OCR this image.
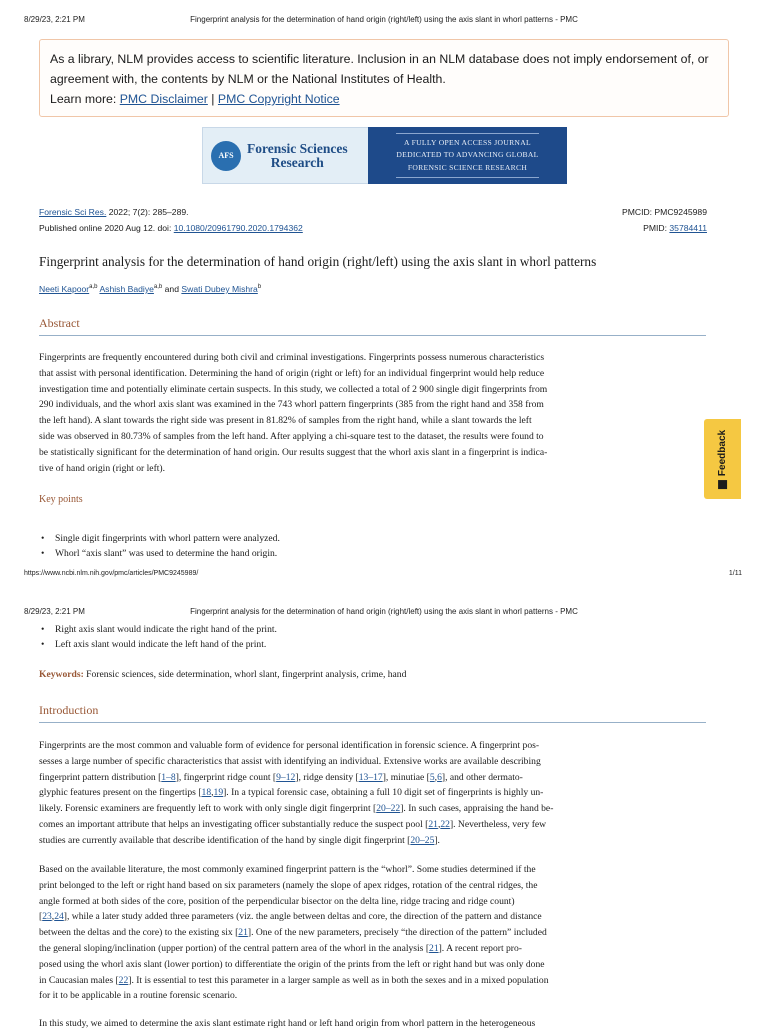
8/29/23, 2:21 PM	Fingerprint analysis for the determination of hand origin (right/left) using the axis slant in whorl patterns - PMC
As a library, NLM provides access to scientific literature. Inclusion in an NLM database does not imply endorsement of, or agreement with, the contents by NLM or the National Institutes of Health.
Learn more: PMC Disclaimer | PMC Copyright Notice
AFS Forensic Sciences
Research
A FULLY OPEN ACCESS JOURNAL
DEDICATED TO ADVANCING GLOBAL
FORENSIC SCIENCE RESEARCH
Forensic Sci Res. 2022; 7(2): 285–289.
Published online 2020 Aug 12. doi: 10.1080/20961790.2020.1794362
PMCID: PMC9245989
PMID: 35784411
Fingerprint analysis for the determination of hand origin (right/left) using the axis slant in whorl patterns
Neeti Kapoor$^{a,b}$ Ashish Badiye$^{a,b}$ and Swati Dubey Mishra$^b$
Abstract
Fingerprints are frequently encountered during both civil and criminal investigations. Fingerprints possess numerous characteristics
that assist with personal identification. Determining the hand of origin (right or left) for an individual fingerprint would help reduce
investigation time and potentially eliminate certain suspects. In this study, we collected a total of 2 900 single digit fingerprints from
290 individuals, and the whorl axis slant was examined in the 743 whorl pattern fingerprints (385 from the right hand and 358 from
the left hand). A slant towards the right side was present in 81.82% of samples from the right hand, while a slant towards the left
side was observed in 80.73% of samples from the left hand. After applying a chi-square test to the dataset, the results were found to
be statistically significant for the determination of hand origin. Our results suggest that the whorl axis slant in a fingerprint is indica-
tive of hand origin (right or left).
Key points
• Single digit fingerprints with whorl pattern were analyzed.
• Whorl “axis slant” was used to determine the hand origin.
https://www.ncbi.nlm.nih.gov/pmc/articles/PMC9245989/	1/11
Feedback
8/29/23, 2:21 PM	Fingerprint analysis for the determination of hand origin (right/left) using the axis slant in whorl patterns - PMC
• Right axis slant would indicate the right hand of the print.
• Left axis slant would indicate the left hand of the print.
Keywords: Forensic sciences, side determination, whorl slant, fingerprint analysis, crime, hand
Introduction
Fingerprints are the most common and valuable form of evidence for personal identification in forensic science. A fingerprint pos-
sesses a large number of specific characteristics that assist with identifying an individual. Extensive works are available describing
fingerprint pattern distribution [1–8], fingerprint ridge count [9–12], ridge density [13–17], minutiae [5,6], and other dermato-
glyphic features present on the fingertips [18,19]. In a typical forensic case, obtaining a full 10 digit set of fingerprints is highly un-
likely. Forensic examiners are frequently left to work with only single digit fingerprint [20–22]. In such cases, appraising the hand be-
comes an important attribute that helps an investigating officer substantially reduce the suspect pool [21,22]. Nevertheless, very few
studies are currently available that describe identification of the hand by single digit fingerprint [20–25].
Based on the available literature, the most commonly examined fingerprint pattern is the “whorl”. Some studies determined if the
print belonged to the left or right hand based on six parameters (namely the slope of apex ridges, rotation of the central ridges, the
angle formed at both sides of the core, position of the perpendicular bisector on the delta line, ridge tracing and ridge count)
[23,24], while a later study added three parameters (viz. the angle between deltas and core, the direction of the pattern and distance
between the deltas and the core) to the existing six [21]. One of the new parameters, precisely “the direction of the pattern” included
the general sloping/inclination (upper portion) of the central pattern area of the whorl in the analysis [21]. A recent report pro-
posed using the whorl axis slant (lower portion) to differentiate the origin of the prints from the left or right hand but was only done
in Caucasian males [22]. It is essential to test this parameter in a larger sample as well as in both the sexes and in a mixed population
for it to be applicable in a routine forensic scenario.
In this study, we aimed to determine the axis slant estimate right hand or left hand origin from whorl pattern in the heterogeneous
